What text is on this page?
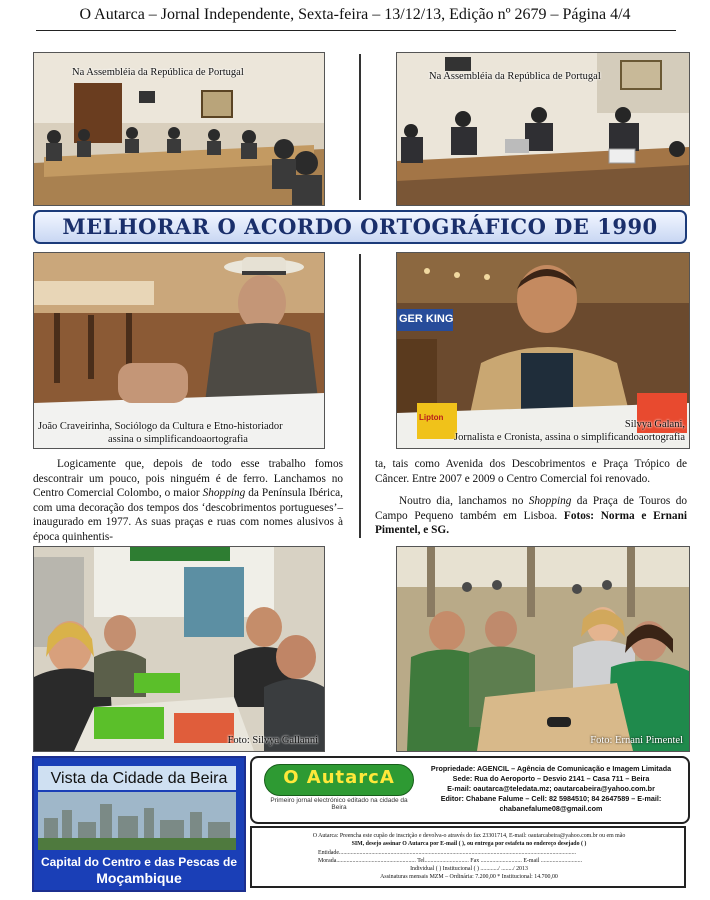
O Autarca – Jornal Independente, Sexta-feira – 13/12/13, Edição nº 2679 – Página 4/4
Na Assembléia da República de Portugal	Na Assembléia da República de Portugal
MELHORAR O ACORDO ORTOGRÁFICO DE 1990
João Craveirinha, Sociólogo da Cultura e Etno-historiador
assina o simplificandoaortografia
GER KING
Lipton
Silvya Galani,
Jornalista e Cronista, assina o simplificandoaortografia

Logicamente que, depois de todo esse trabalho fomos descontrair um pouco, pois ninguém é de ferro. Lanchamos no Centro Comercial Colombo, o maior Shopping da Península Ibérica, com uma decoração dos tempos dos ‘descobrimentos portugueses’– inaugurado em 1977. As suas praças e ruas com nomes alusivos à época quinhentis-

ta, tais como Avenida dos Descobrimentos e Praça Trópico de Câncer. Entre 2007 e 2009 o Centro Comercial foi renovado.

Noutro dia, lanchamos no Shopping da Praça de Touros do Campo Pequeno também em Lisboa. Fotos: Norma e Ernani Pimentel, e SG.

Foto: Silvya Gallanni	Foto: Ernani Pimentel
Vista da Cidade da Beira
Capital do Centro e das Pescas de
Moçambique
O AutarcA
Primeiro jornal electrónico editado na cidade da Beira
Propriedade: AGENCIL – Agência de Comunicação e Imagem Limitada
Sede: Rua do Aeroporto – Desvio 2141 – Casa 711 – Beira
E-mail: oautarca@teledata.mz; oautarcabeira@yahoo.com.br
Editor: Chabane Falume – Cell: 82 5984510; 84 2647589 – E-mail:
chabanefalume08@gmail.com
O Autarca: Preencha este cupão de inscrição e devolva-o através do fax 23301714, E-mail: oautarcabeira@yahoo.com.br ou em mão
SIM, desejo assinar O Autarca por E-mail ( ), ou entrega por estafeta no endereço desejado ( )
Entidade.................................................................................................................................................................
Morada...................................................... Tel.............................. Fax ............................ E-mail ............................
Individual ( ) Institucional ( ) ............/ ......../ 2013
Assinaturas mensais MZM – Ordinária: 7.200,00 * Institucional: 14.700,00
